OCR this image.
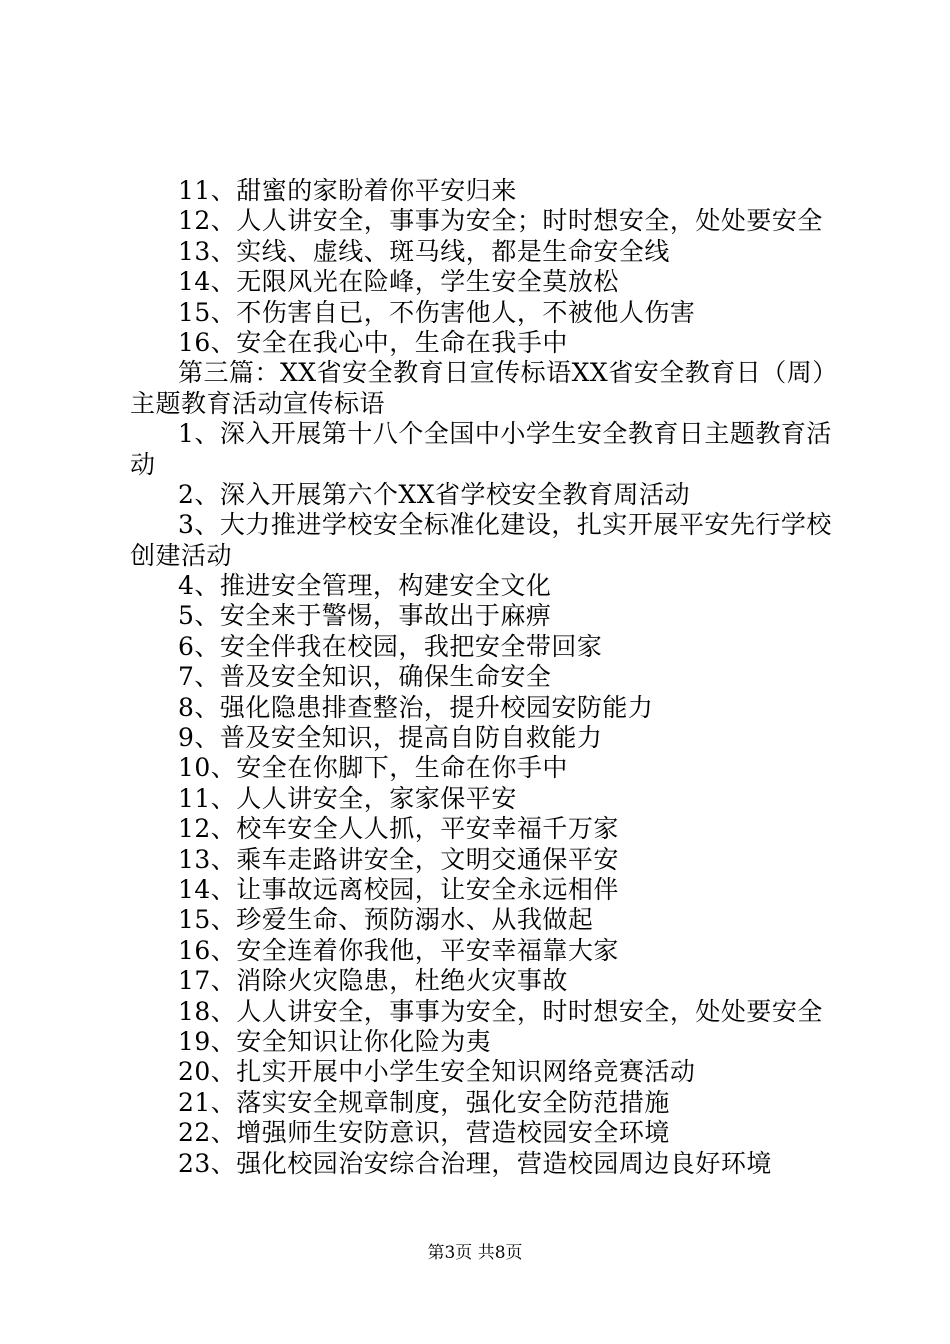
11、甜蜜的家盼着你平安归来
12、人人讲安全，事事为安全；时时想安全，处处要安全
13、实线、虚线、斑马线，都是生命安全线
14、无限风光在险峰，学生安全莫放松
15、不伤害自已，不伤害他人，不被他人伤害
16、安全在我心中，生命在我手中
第三篇：XX省安全教育日宣传标语XX省安全教育日（周）
主题教育活动宣传标语
1、深入开展第十八个全国中小学生安全教育日主题教育活
动
2、深入开展第六个XX省学校安全教育周活动
3、大力推进学校安全标准化建设，扎实开展平安先行学校
创建活动
4、推进安全管理，构建安全文化
5、安全来于警惕，事故出于麻痹
6、安全伴我在校园，我把安全带回家
7、普及安全知识，确保生命安全
8、强化隐患排查整治，提升校园安防能力
9、普及安全知识，提高自防自救能力
10、安全在你脚下，生命在你手中
11、人人讲安全，家家保平安
12、校车安全人人抓，平安幸福千万家
13、乘车走路讲安全，文明交通保平安
14、让事故远离校园，让安全永远相伴
15、珍爱生命、预防溺水、从我做起
16、安全连着你我他，平安幸福靠大家
17、消除火灾隐患，杜绝火灾事故
18、人人讲安全，事事为安全，时时想安全，处处要安全
19、安全知识让你化险为夷
20、扎实开展中小学生安全知识网络竞赛活动
21、落实安全规章制度，强化安全防范措施
22、增强师生安防意识，营造校园安全环境
23、强化校园治安综合治理，营造校园周边良好环境
第3页 共8页
